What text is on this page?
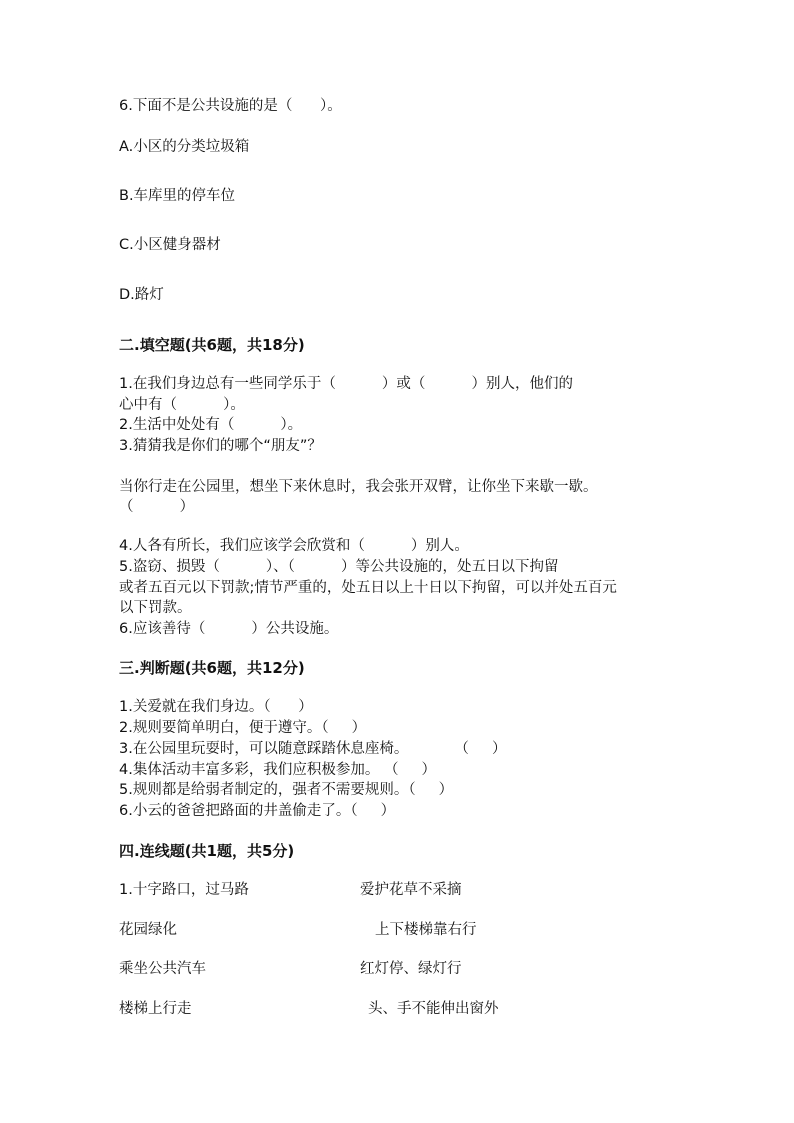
6.下面不是公共设施的是（      ）。

A.小区的分类垃圾箱

B.车库里的停车位

C.小区健身器材

D.路灯

二.填空题(共6题，共18分)

1.在我们身边总有一些同学乐于（          ）或（          ）别人，他们的

心中有（          ）。

2.生活中处处有（          ）。

3.猜猜我是你们的哪个“朋友”？

当你行走在公园里，想坐下来休息时，我会张开双臂，让你坐下来歇一歇。

（          ）

4.人各有所长，我们应该学会欣赏和（          ）别人。

5.盗窃、损毁（          ）、（          ）等公共设施的，处五日以下拘留

或者五百元以下罚款;情节严重的，处五日以上十日以下拘留，可以并处五百元

以下罚款。

6.应该善待（          ）公共设施。

三.判断题(共6题，共12分)

1.关爱就在我们身边。（      ）

2.规则要简单明白，便于遵守。（     ）

3.在公园里玩耍时，可以随意踩踏休息座椅。          （     ）

4.集体活动丰富多彩，我们应积极参加。 （     ）

5.规则都是给弱者制定的，强者不需要规则。（     ）

6.小云的爸爸把路面的井盖偷走了。（     ）

四.连线题(共1题，共5分)

1.十字路口，过马路	爱护花草不采摘

花园绿化	上下楼梯靠右行

乘坐公共汽车	红灯停、绿灯行

楼梯上行走	头、手不能伸出窗外
